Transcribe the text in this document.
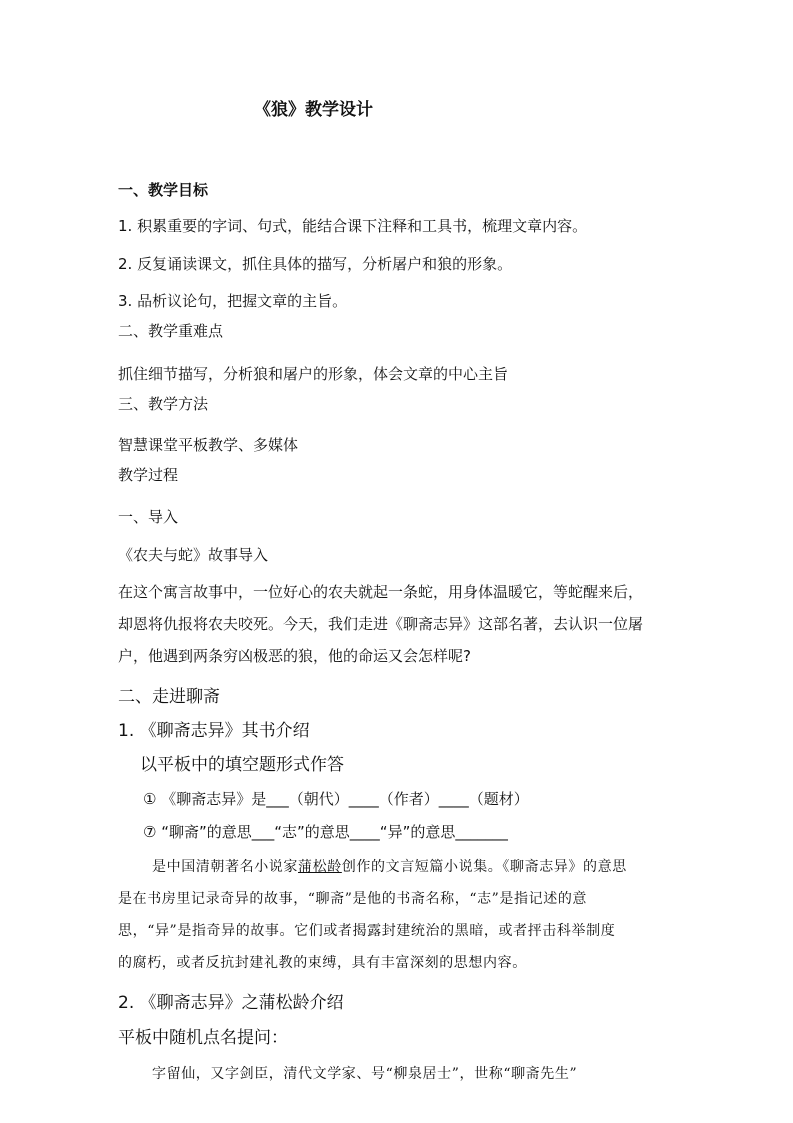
《狼》教学设计
一、教学目标
1. 积累重要的字词、句式，能结合课下注释和工具书，梳理文章内容。
2. 反复诵读课文，抓住具体的描写，分析屠户和狼的形象。
3. 品析议论句，把握文章的主旨。
二、教学重难点
抓住细节描写，分析狼和屠户的形象，体会文章的中心主旨
三、教学方法
智慧课堂平板教学、多媒体
教学过程
一、导入
《农夫与蛇》故事导入
在这个寓言故事中，一位好心的农夫就起一条蛇，用身体温暖它，等蛇醒来后，
却恩将仇报将农夫咬死。今天，我们走进《聊斋志异》这部名著，去认识一位屠
户，他遇到两条穷凶极恶的狼，他的命运又会怎样呢?
二、走进聊斋
1. 《聊斋志异》其书介绍
以平板中的填空题形式作答
① 《聊斋志异》是___（朝代）____（作者）____（题材）
⑦ “聊斋”的意思___“志”的意思____“异”的意思_______
是中国清朝著名小说家蒲松龄创作的文言短篇小说集。《聊斋志异》的意思
是在书房里记录奇异的故事，“聊斋”是他的书斋名称，“志”是指记述的意
思，“异”是指奇异的故事。它们或者揭露封建统治的黑暗，或者抨击科举制度
的腐朽，或者反抗封建礼教的束缚，具有丰富深刻的思想内容。
2. 《聊斋志异》之蒲松龄介绍
平板中随机点名提问：
字留仙，又字剑臣，清代文学家、号“柳泉居士”，世称“聊斋先生”
